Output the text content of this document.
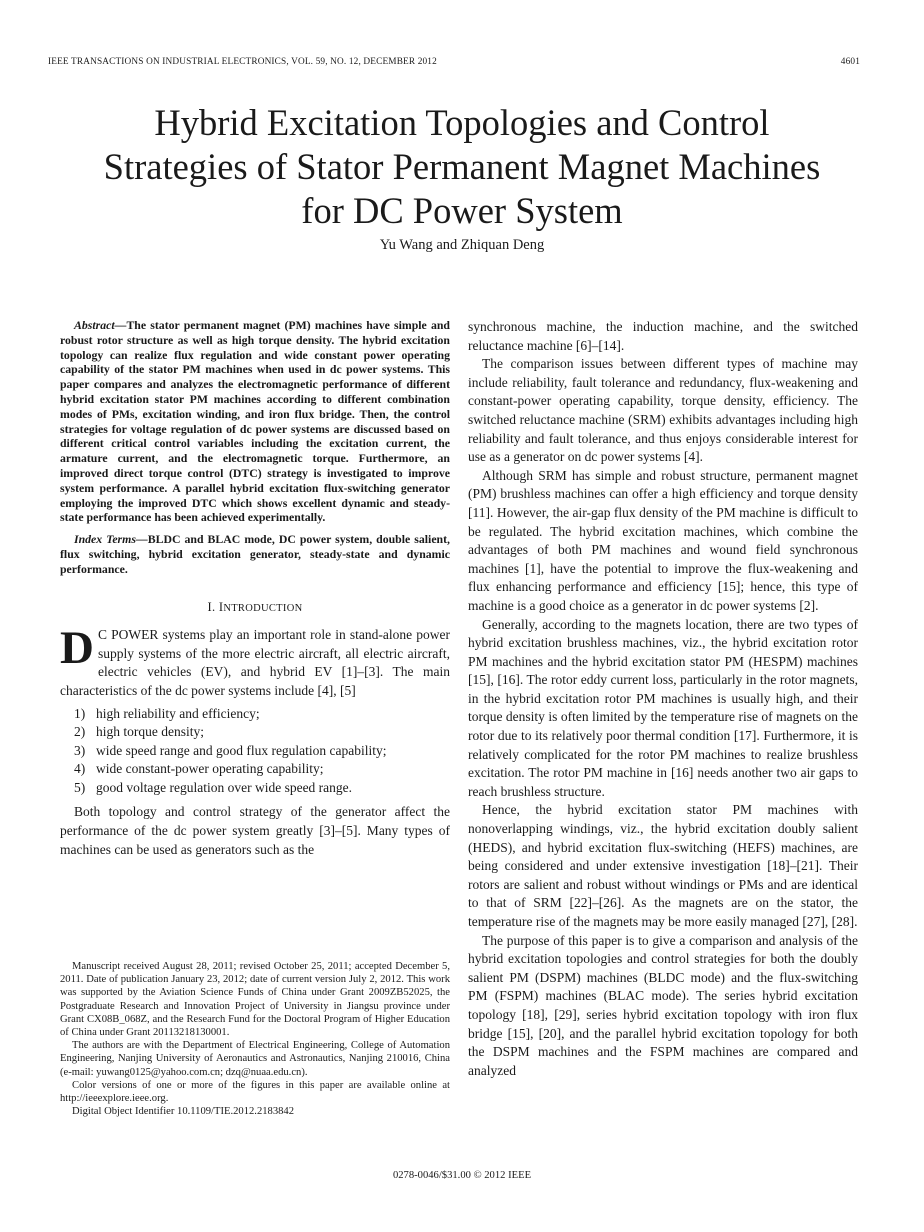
IEEE TRANSACTIONS ON INDUSTRIAL ELECTRONICS, VOL. 59, NO. 12, DECEMBER 2012	4601
Hybrid Excitation Topologies and Control
Strategies of Stator Permanent Magnet Machines
for DC Power System
Yu Wang and Zhiquan Deng

Abstract—The stator permanent magnet (PM) machines have simple and robust rotor structure as well as high torque density. The hybrid excitation topology can realize flux regulation and wide constant power operating capability of the stator PM machines when used in dc power systems. This paper compares and analyzes the electromagnetic performance of different hybrid excitation stator PM machines according to different combination modes of PMs, excitation winding, and iron flux bridge. Then, the control strategies for voltage regulation of dc power systems are discussed based on different critical control variables including the excitation current, the armature current, and the electromagnetic torque. Furthermore, an improved direct torque control (DTC) strategy is investigated to improve system performance. A parallel hybrid excitation flux-switching generator employing the improved DTC which shows excellent dynamic and steady-state performance has been achieved experimentally.

Index Terms—BLDC and BLAC mode, DC power system, double salient, flux switching, hybrid excitation generator, steady-state and dynamic performance.

I. INTRODUCTION

D C POWER systems play an important role in stand-alone power supply systems of the more electric aircraft, all electric aircraft, electric vehicles (EV), and hybrid EV [1]–[3]. The main characteristics of the dc power systems include [4], [5]

1) high reliability and efficiency;
2) high torque density;
3) wide speed range and good flux regulation capability;
4) wide constant-power operating capability;
5) good voltage regulation over wide speed range.

Both topology and control strategy of the generator affect the performance of the dc power system greatly [3]–[5]. Many types of machines can be used as generators such as the

Manuscript received August 28, 2011; revised October 25, 2011; accepted December 5, 2011. Date of publication January 23, 2012; date of current version July 2, 2012. This work was supported by the Aviation Science Funds of China under Grant 2009ZB52025, the Postgraduate Research and Innovation Project of University in Jiangsu province under Grant CX08B_068Z, and the Research Fund for the Doctoral Program of Higher Education of China under Grant 20113218130001.

The authors are with the Department of Electrical Engineering, College of Automation Engineering, Nanjing University of Aeronautics and Astronautics, Nanjing 210016, China (e-mail: yuwang0125@yahoo.com.cn; dzq@nuaa.edu.cn).

Color versions of one or more of the figures in this paper are available online at http://ieeexplore.ieee.org.

Digital Object Identifier 10.1109/TIE.2012.2183842

synchronous machine, the induction machine, and the switched reluctance machine [6]–[14].

The comparison issues between different types of machine may include reliability, fault tolerance and redundancy, flux-weakening and constant-power operating capability, torque density, efficiency. The switched reluctance machine (SRM) exhibits advantages including high reliability and fault tolerance, and thus enjoys considerable interest for use as a generator on dc power systems [4].

Although SRM has simple and robust structure, permanent magnet (PM) brushless machines can offer a high efficiency and torque density [11]. However, the air-gap flux density of the PM machine is difficult to be regulated. The hybrid excitation machines, which combine the advantages of both PM machines and wound field synchronous machines [1], have the potential to improve the flux-weakening and flux enhancing performance and efficiency [15]; hence, this type of machine is a good choice as a generator in dc power systems [2].

Generally, according to the magnets location, there are two types of hybrid excitation brushless machines, viz., the hybrid excitation rotor PM machines and the hybrid excitation stator PM (HESPM) machines [15], [16]. The rotor eddy current loss, particularly in the rotor magnets, in the hybrid excitation rotor PM machines is usually high, and their torque density is often limited by the temperature rise of magnets on the rotor due to its relatively poor thermal condition [17]. Furthermore, it is relatively complicated for the rotor PM machines to realize brushless excitation. The rotor PM machine in [16] needs another two air gaps to reach brushless structure.

Hence, the hybrid excitation stator PM machines with nonoverlapping windings, viz., the hybrid excitation doubly salient (HEDS), and hybrid excitation flux-switching (HEFS) machines, are being considered and under extensive investigation [18]–[21]. Their rotors are salient and robust without windings or PMs and are identical to that of SRM [22]–[26]. As the magnets are on the stator, the temperature rise of the magnets may be more easily managed [27], [28].

The purpose of this paper is to give a comparison and analysis of the hybrid excitation topologies and control strategies for both the doubly salient PM (DSPM) machines (BLDC mode) and the flux-switching PM (FSPM) machines (BLAC mode). The series hybrid excitation topology [18], [29], series hybrid excitation topology with iron flux bridge [15], [20], and the parallel hybrid excitation topology for both the DSPM machines and the FSPM machines are compared and analyzed

0278-0046/$31.00 © 2012 IEEE
